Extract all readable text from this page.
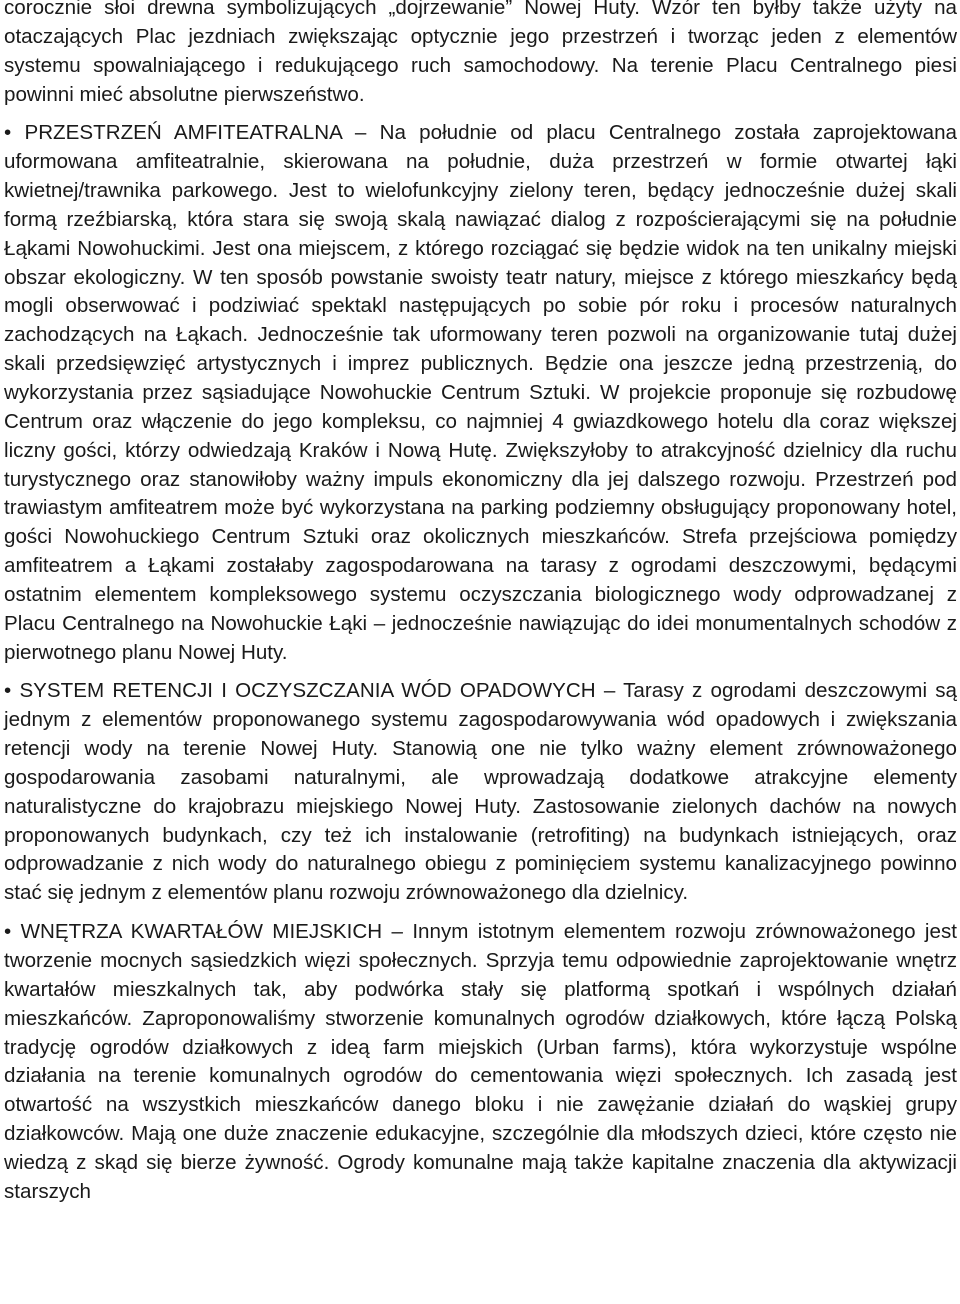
corocznie słoi drewna symbolizujących „dojrzewanie” Nowej Huty. Wzór ten byłby także użyty na otaczających Plac jezdniach zwiększając optycznie jego przestrzeń i tworząc jeden z elementów systemu spowalniającego i redukującego ruch samochodowy. Na terenie Placu Centralnego piesi powinni mieć absolutne pierwszeństwo.

• PRZESTRZEŃ AMFITEATRALNA – Na południe od placu Centralnego została zaprojektowana uformowana amfiteatralnie, skierowana na południe, duża przestrzeń w formie otwartej łąki kwietnej/trawnika parkowego. Jest to wielofunkcyjny zielony teren, będący jednocześnie dużej skali formą rzeźbiarską, która stara się swoją skalą nawiązać dialog z rozpościerającymi się na południe Łąkami Nowohuckimi. Jest ona miejscem, z którego rozciągać się będzie widok na ten unikalny miejski obszar ekologiczny. W ten sposób powstanie swoisty teatr natury, miejsce z którego mieszkańcy będą mogli obserwować i podziwiać spektakl następujących po sobie pór roku i procesów naturalnych zachodzących na Łąkach. Jednocześnie tak uformowany teren pozwoli na organizowanie tutaj dużej skali przedsięwzięć artystycznych i imprez publicznych. Będzie ona jeszcze jedną przestrzenią, do wykorzystania przez sąsiadujące Nowohuckie Centrum Sztuki. W projekcie proponuje się rozbudowę Centrum oraz włączenie do jego kompleksu, co najmniej 4 gwiazdkowego hotelu dla coraz większej liczny gości, którzy odwiedzają Kraków i Nową Hutę. Zwiększyłoby to atrakcyjność dzielnicy dla ruchu turystycznego oraz stanowiłoby ważny impuls ekonomiczny dla jej dalszego rozwoju. Przestrzeń pod trawiastym amfiteatrem może być wykorzystana na parking podziemny obsługujący proponowany hotel, gości Nowohuckiego Centrum Sztuki oraz okolicznych mieszkańców. Strefa przejściowa pomiędzy amfiteatrem a Łąkami zostałaby zagospodarowana na tarasy z ogrodami deszczowymi, będącymi ostatnim elementem kompleksowego systemu oczyszczania biologicznego wody odprowadzanej z Placu Centralnego na Nowohuckie Łąki – jednocześnie nawiązując do idei monumentalnych schodów z pierwotnego planu Nowej Huty.

• SYSTEM RETENCJI I OCZYSZCZANIA WÓD OPADOWYCH – Tarasy z ogrodami deszczowymi są jednym z elementów proponowanego systemu zagospodarowywania wód opadowych i zwiększania retencji wody na terenie Nowej Huty. Stanowią one nie tylko ważny element zrównoważonego gospodarowania zasobami naturalnymi, ale wprowadzają dodatkowe atrakcyjne elementy naturalistyczne do krajobrazu miejskiego Nowej Huty. Zastosowanie zielonych dachów na nowych proponowanych budynkach, czy też ich instalowanie (retrofiting) na budynkach istniejących, oraz odprowadzanie z nich wody do naturalnego obiegu z pominięciem systemu kanalizacyjnego powinno stać się jednym z elementów planu rozwoju zrównoważonego dla dzielnicy.

• WNĘTRZA KWARTAŁÓW MIEJSKICH – Innym istotnym elementem rozwoju zrównoważonego jest tworzenie mocnych sąsiedzkich więzi społecznych. Sprzyja temu odpowiednie zaprojektowanie wnętrz kwartałów mieszkalnych tak, aby podwórka stały się platformą spotkań i wspólnych działań mieszkańców. Zaproponowaliśmy stworzenie komunalnych ogrodów działkowych, które łączą Polską tradycję ogrodów działkowych z ideą farm miejskich (Urban farms), która wykorzystuje wspólne działania na terenie komunalnych ogrodów do cementowania więzi społecznych. Ich zasadą jest otwartość na wszystkich mieszkańców danego bloku i nie zawężanie działań do wąskiej grupy działkowców. Mają one duże znaczenie edukacyjne, szczególnie dla młodszych dzieci, które często nie wiedzą z skąd się bierze żywność. Ogrody komunalne mają także kapitalne znaczenia dla aktywizacji starszych
